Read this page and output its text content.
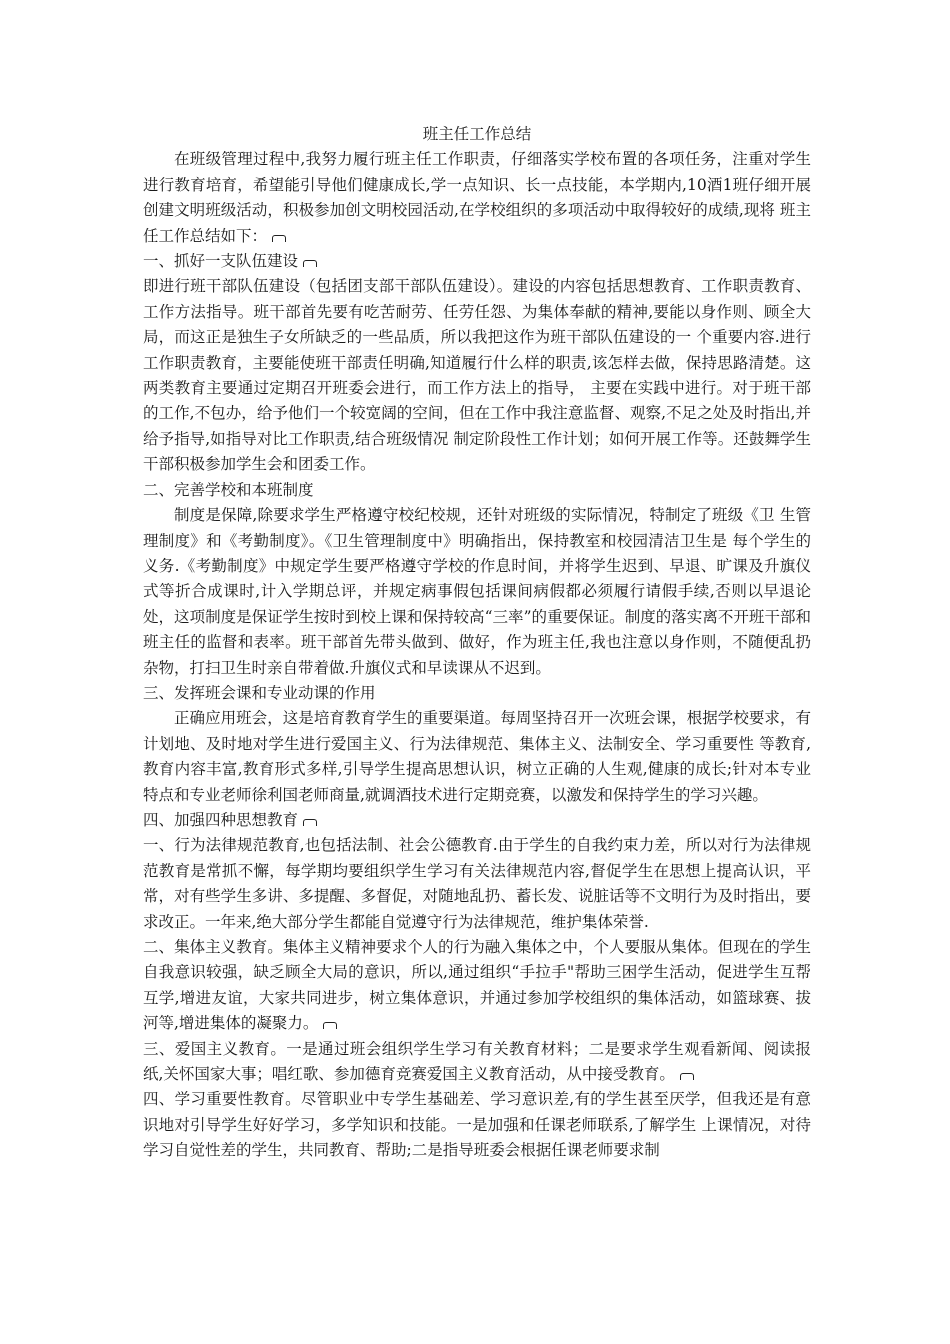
班主任工作总结

在班级管理过程中,我努力履行班主任工作职责，仔细落实学校布置的各项任务，注重对学生进行教育培育，希望能引导他们健康成长,学一点知识、长一点技能，本学期内,10酒1班仔细开展创建文明班级活动，积极参加创文明校园活动,在学校组织的多项活动中取得较好的成绩,现将 班主任工作总结如下：

一、抓好一支队伍建设

即进行班干部队伍建设（包括团支部干部队伍建设）。建设的内容包括思想教育、工作职责教育、工作方法指导。班干部首先要有吃苦耐劳、任劳任怨、为集体奉献的精神,要能以身作则、顾全大局，而这正是独生子女所缺乏的一些品质，所以我把这作为班干部队伍建设的一 个重要内容.进行工作职责教育，主要能使班干部责任明确,知道履行什么样的职责,该怎样去做，保持思路清楚。这两类教育主要通过定期召开班委会进行，而工作方法上的指导， 主要在实践中进行。对于班干部的工作,不包办，给予他们一个较宽阔的空间，但在工作中我注意监督、观察,不足之处及时指出,并给予指导,如指导对比工作职责,结合班级情况 制定阶段性工作计划；如何开展工作等。还鼓舞学生干部积极参加学生会和团委工作。

二、完善学校和本班制度

制度是保障,除要求学生严格遵守校纪校规，还针对班级的实际情况，特制定了班级《卫 生管理制度》和《考勤制度》。《卫生管理制度中》明确指出，保持教室和校园清洁卫生是 每个学生的义务.《考勤制度》中规定学生要严格遵守学校的作息时间，并将学生迟到、早退、旷课及升旗仪式等折合成课时,计入学期总评，并规定病事假包括课间病假都必须履行请假手续,否则以早退论处，这项制度是保证学生按时到校上课和保持较高“三率”的重要保证。制度的落实离不开班干部和班主任的监督和表率。班干部首先带头做到、做好，作为班主任,我也注意以身作则，不随便乱扔杂物，打扫卫生时亲自带着做.升旗仪式和早读课从不迟到。

三、发挥班会课和专业动课的作用

正确应用班会，这是培育教育学生的重要渠道。每周坚持召开一次班会课，根据学校要求，有计划地、及时地对学生进行爱国主义、行为法律规范、集体主义、法制安全、学习重要性 等教育,教育内容丰富,教育形式多样,引导学生提高思想认识，树立正确的人生观,健康的成长;针对本专业特点和专业老师徐利国老师商量,就调酒技术进行定期竞赛，以激发和保持学生的学习兴趣。

四、加强四种思想教育

一、行为法律规范教育,也包括法制、社会公德教育.由于学生的自我约束力差，所以对行为法律规范教育是常抓不懈，每学期均要组织学生学习有关法律规范内容,督促学生在思想上提高认识，平常，对有些学生多讲、多提醒、多督促，对随地乱扔、蓄长发、说脏话等不文明行为及时指出，要求改正。一年来,绝大部分学生都能自觉遵守行为法律规范，维护集体荣誉.

二、集体主义教育。集体主义精神要求个人的行为融入集体之中，个人要服从集体。但现在的学生自我意识较强，缺乏顾全大局的意识，所以,通过组织“手拉手"帮助三困学生活动，促进学生互帮互学,增进友谊，大家共同进步，树立集体意识，并通过参加学校组织的集体活动，如篮球赛、拔河等,增进集体的凝聚力。

三、爱国主义教育。一是通过班会组织学生学习有关教育材料；二是要求学生观看新闻、阅读报纸,关怀国家大事；唱红歌、参加德育竞赛爱国主义教育活动，从中接受教育。

四、学习重要性教育。尽管职业中专学生基础差、学习意识差,有的学生甚至厌学，但我还是有意识地对引导学生好好学习，多学知识和技能。一是加强和任课老师联系,了解学生 上课情况，对待学习自觉性差的学生，共同教育、帮助;二是指导班委会根据任课老师要求制
